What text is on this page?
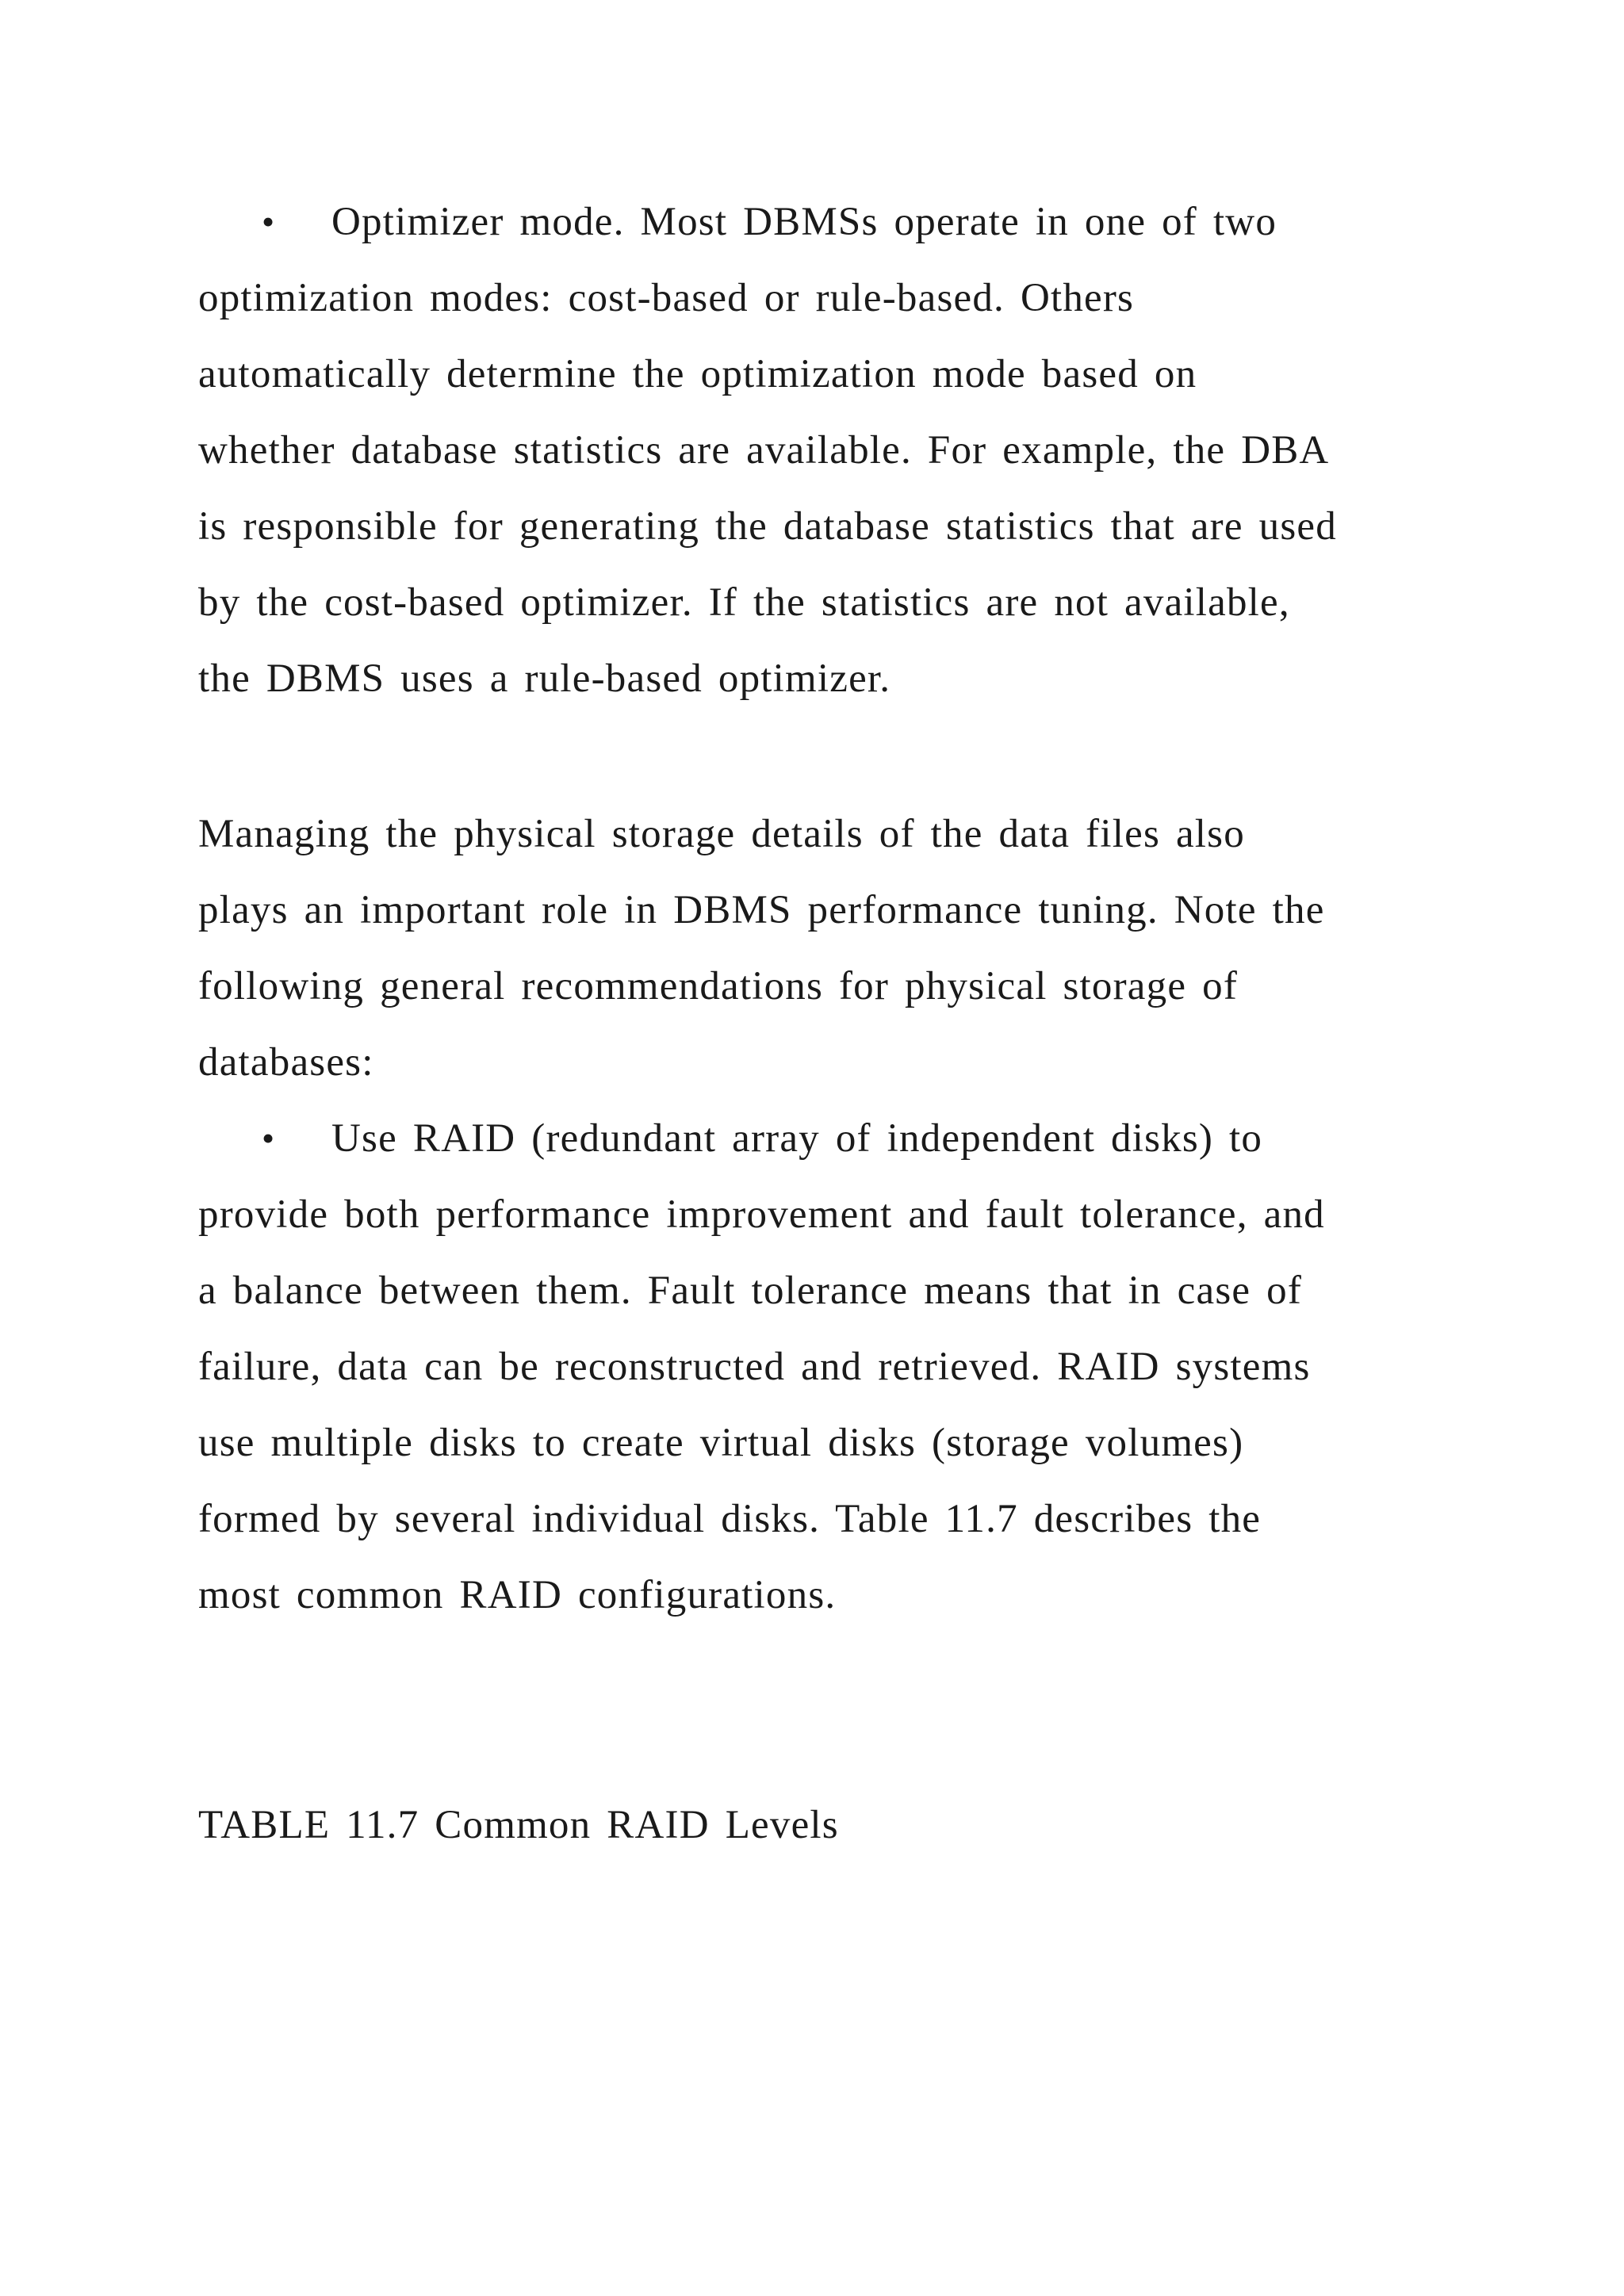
• Optimizer mode. Most DBMSs operate in one of two

optimization modes: cost-based or rule-based. Others

automatically determine the optimization mode based on

whether database statistics are available. For example, the DBA

is responsible for generating the database statistics that are used

by the cost-based optimizer. If the statistics are not available,

the DBMS uses a rule-based optimizer.

Managing the physical storage details of the data files also

plays an important role in DBMS performance tuning. Note the

following general recommendations for physical storage of

databases:

• Use RAID (redundant array of independent disks) to

provide both performance improvement and fault tolerance, and

a balance between them. Fault tolerance means that in case of

failure, data can be reconstructed and retrieved. RAID systems

use multiple disks to create virtual disks (storage volumes)

formed by several individual disks. Table 11.7 describes the

most common RAID configurations.

TABLE 11.7 Common RAID Levels
